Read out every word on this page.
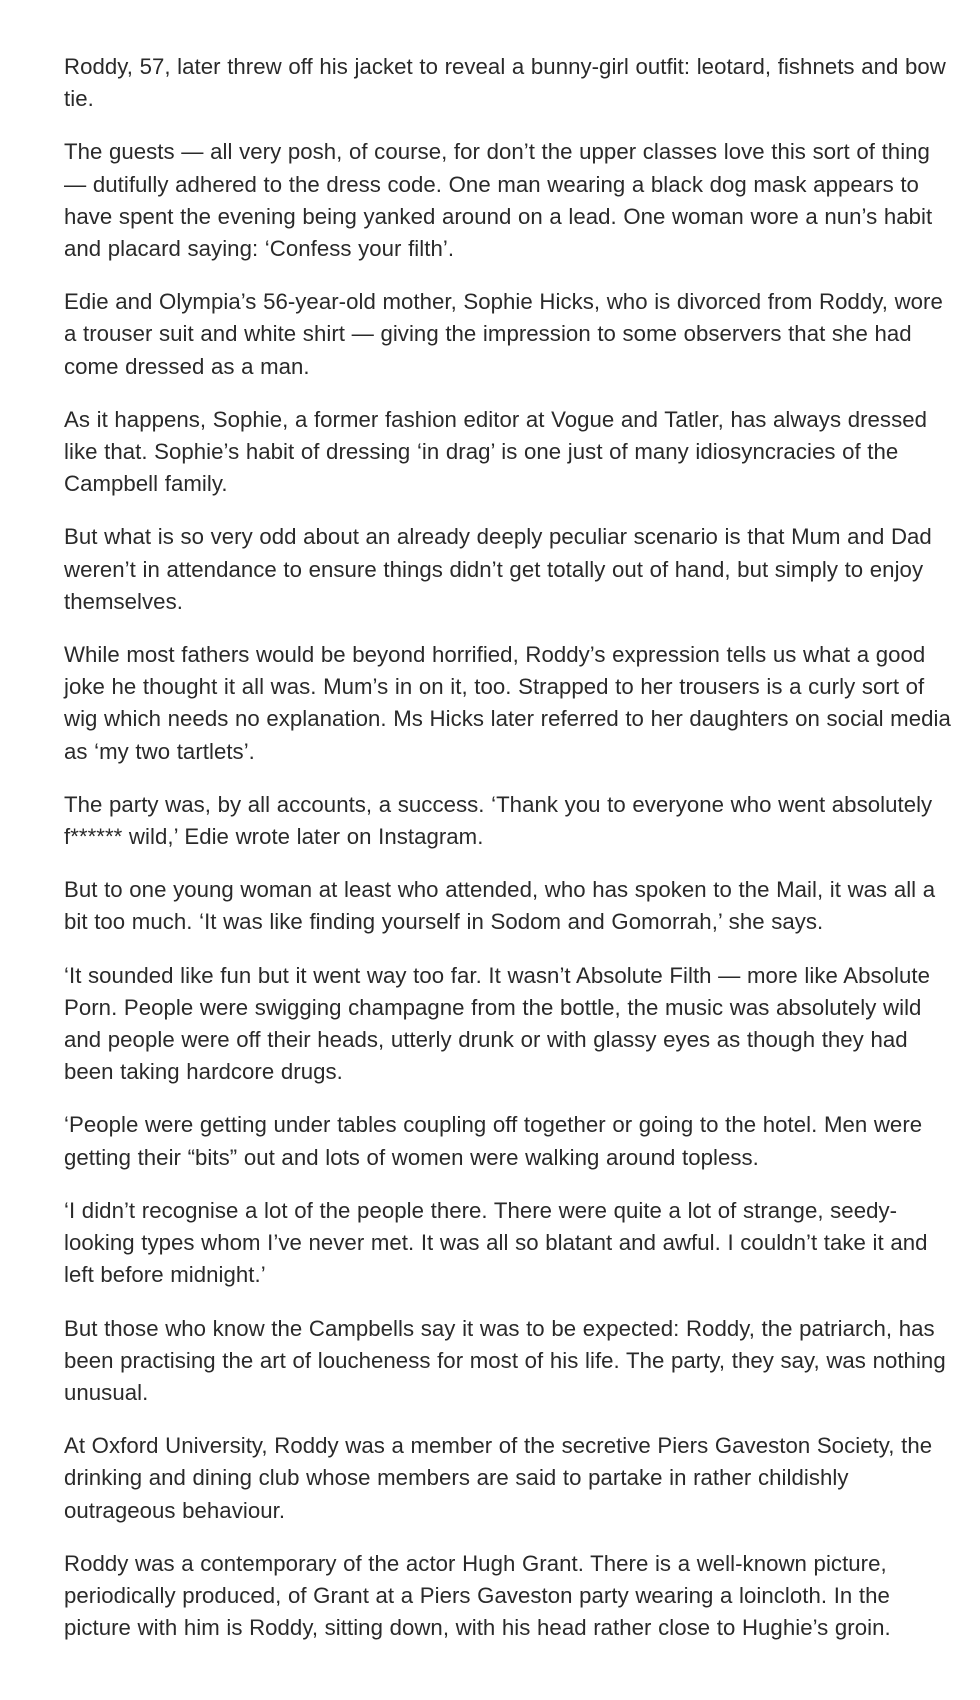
Roddy, 57, later threw off his jacket to reveal a bunny-girl outfit: leotard, fishnets and bow tie.

The guests — all very posh, of course, for don’t the upper classes love this sort of thing — dutifully adhered to the dress code. One man wearing a black dog mask appears to have spent the evening being yanked around on a lead. One woman wore a nun’s habit and placard saying: ‘Confess your filth’.

Edie and Olympia’s 56-year-old mother, Sophie Hicks, who is divorced from Roddy, wore a trouser suit and white shirt — giving the impression to some observers that she had come dressed as a man.

As it happens, Sophie, a former fashion editor at Vogue and Tatler, has always dressed like that. Sophie’s habit of dressing ‘in drag’ is one just of many idiosyncracies of the Campbell family.

But what is so very odd about an already deeply peculiar scenario is that Mum and Dad weren’t in attendance to ensure things didn’t get totally out of hand, but simply to enjoy themselves.

While most fathers would be beyond horrified, Roddy’s expression tells us what a good joke he thought it all was. Mum’s in on it, too. Strapped to her trousers is a curly sort of wig which needs no explanation. Ms Hicks later referred to her daughters on social media as ‘my two tartlets’.

The party was, by all accounts, a success. ‘Thank you to everyone who went absolutely f****** wild,’ Edie wrote later on Instagram.

But to one young woman at least who attended, who has spoken to the Mail, it was all a bit too much. ‘It was like finding yourself in Sodom and Gomorrah,’ she says.

‘It sounded like fun but it went way too far. It wasn’t Absolute Filth — more like Absolute Porn. People were swigging champagne from the bottle, the music was absolutely wild and people were off their heads, utterly drunk or with glassy eyes as though they had been taking hardcore drugs.

‘People were getting under tables coupling off together or going to the hotel. Men were getting their “bits” out and lots of women were walking around topless.

‘I didn’t recognise a lot of the people there. There were quite a lot of strange, seedy-looking types whom I’ve never met. It was all so blatant and awful. I couldn’t take it and left before midnight.’

But those who know the Campbells say it was to be expected: Roddy, the patriarch, has been practising the art of loucheness for most of his life. The party, they say, was nothing unusual.

At Oxford University, Roddy was a member of the secretive Piers Gaveston Society, the drinking and dining club whose members are said to partake in rather childishly outrageous behaviour.

Roddy was a contemporary of the actor Hugh Grant. There is a well-known picture, periodically produced, of Grant at a Piers Gaveston party wearing a loincloth. In the picture with him is Roddy, sitting down, with his head rather close to Hughie’s groin.
